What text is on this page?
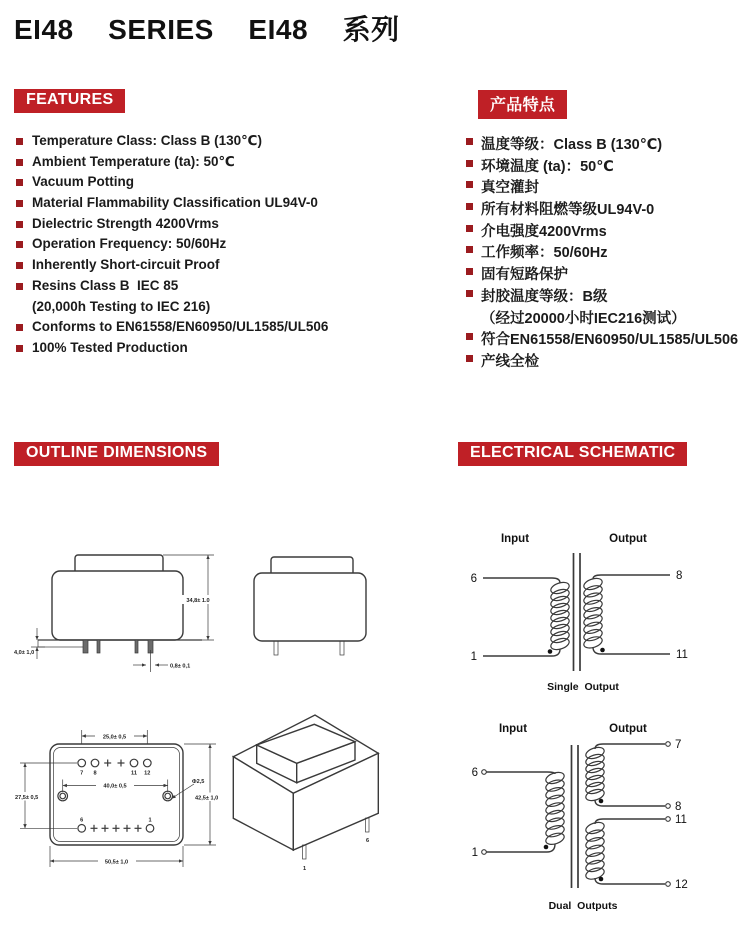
EI48  SERIES  EI48  系列
FEATURES	产品特点
OUTLINE DIMENSIONS	ELECTRICAL SCHEMATIC
Temperature Class: Class B (130℃)
Ambient Temperature (ta): 50℃
Vacuum Potting
Material Flammability Classification UL94V-0
Dielectric Strength 4200Vrms
Operation Frequency: 50/60Hz
Inherently Short-circuit Proof
Resins Class B  IEC 85
(20,000h Testing to IEC 216)
Conforms to EN61558/EN60950/UL1585/UL506
100% Tested Production
温度等级：Class B (130℃)
环境温度 (ta)：50℃
真空灌封
所有材料阻燃等级UL94V-0
介电强度4200Vrms
工作频率：50/60Hz
固有短路保护
封胶温度等级：B级
（经过20000小时IEC216测试）
符合EN61558/EN60950/UL1585/UL506
产线全检
34,8± 1.0
4,0± 1,0
0,8± 0,1
25,0± 0,5
7 8	11 12
40,0± 0,5
Φ2,5
6	1
27,5± 0,5	42,5± 1,0
50,5± 1,0
1
6
Input	Output
6
1
8
11
Single  Output
Input	Output
6
1
7
8
11
12
Dual  Outputs
